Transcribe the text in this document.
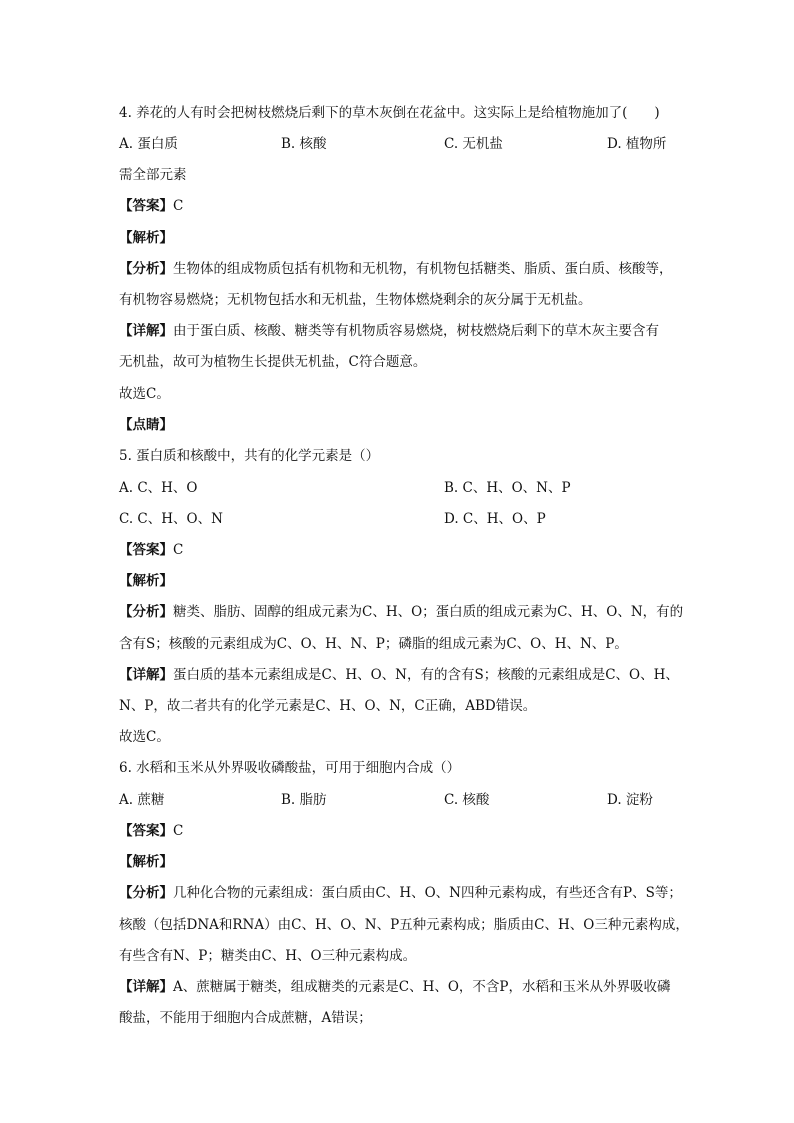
4. 养花的人有时会把树枝燃烧后剩下的草木灰倒在花盆中。这实际上是给植物施加了(　　)
A. 蛋白质	B. 核酸	C. 无机盐	D. 植物所
需全部元素
【答案】C
【解析】
【分析】生物体的组成物质包括有机物和无机物，有机物包括糖类、脂质、蛋白质、核酸等，
有机物容易燃烧；无机物包括水和无机盐，生物体燃烧剩余的灰分属于无机盐。
【详解】由于蛋白质、核酸、糖类等有机物质容易燃烧，树枝燃烧后剩下的草木灰主要含有
无机盐，故可为植物生长提供无机盐，C符合题意。
故选C。
【点睛】
5. 蛋白质和核酸中，共有的化学元素是（）
A. C、H、O	B. C、H、O、N、P
C. C、H、O、N	D. C、H、O、P
【答案】C
【解析】
【分析】糖类、脂肪、固醇的组成元素为C、H、O；蛋白质的组成元素为C、H、O、N，有的
含有S；核酸的元素组成为C、O、H、N、P；磷脂的组成元素为C、O、H、N、P。
【详解】蛋白质的基本元素组成是C、H、O、N，有的含有S；核酸的元素组成是C、O、H、
N、P，故二者共有的化学元素是C、H、O、N，C正确，ABD错误。
故选C。
6. 水稻和玉米从外界吸收磷酸盐，可用于细胞内合成（）
A. 蔗糖	B. 脂肪	C. 核酸	D. 淀粉
【答案】C
【解析】
【分析】几种化合物的元素组成：蛋白质由C、H、O、N四种元素构成，有些还含有P、S等；
核酸（包括DNA和RNA）由C、H、O、N、P五种元素构成；脂质由C、H、O三种元素构成，
有些含有N、P；糖类由C、H、O三种元素构成。
【详解】A、蔗糖属于糖类，组成糖类的元素是C、H、O，不含P，水稻和玉米从外界吸收磷
酸盐，不能用于细胞内合成蔗糖，A错误；
